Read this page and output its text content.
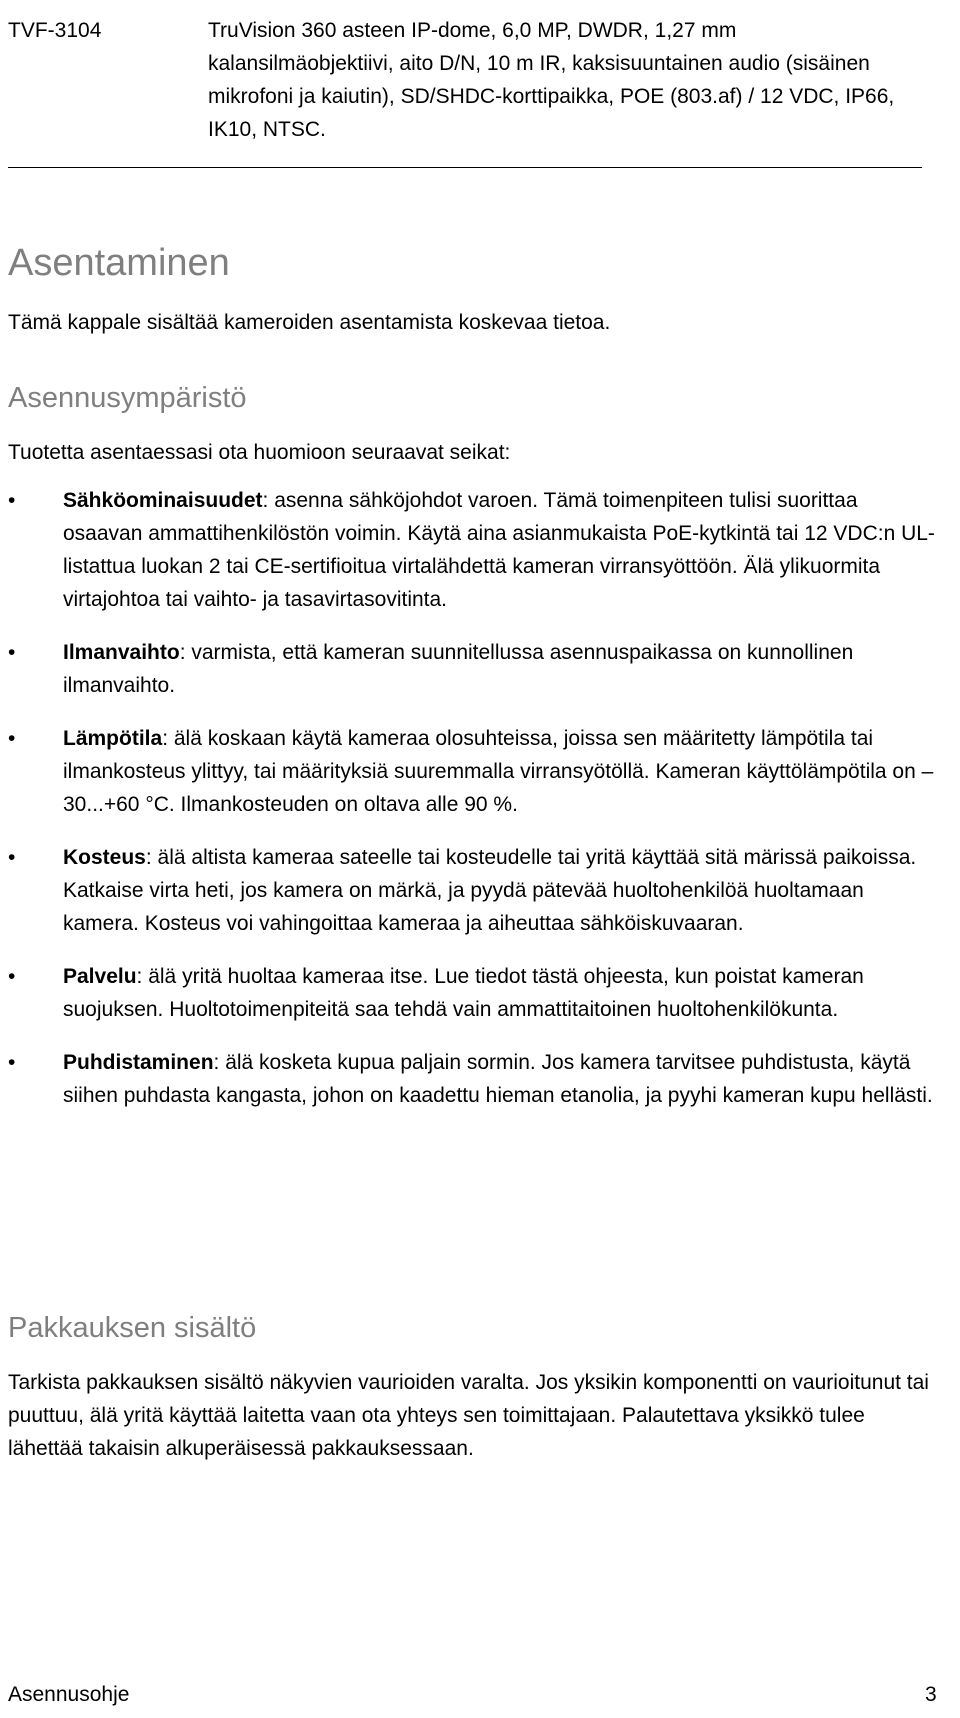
TVF-3104	TruVision 360 asteen IP-dome, 6,0 MP, DWDR, 1,27 mm kalansilmäobjektiivi, aito D/N, 10 m IR, kaksisuuntainen audio (sisäinen mikrofoni ja kaiutin), SD/SHDC-korttipaikka, POE (803.af) / 12 VDC, IP66, IK10, NTSC.
Asentaminen

Tämä kappale sisältää kameroiden asentamista koskevaa tietoa.

Asennusympäristö

Tuotetta asentaessasi ota huomioon seuraavat seikat:

•	Sähköominaisuudet: asenna sähköjohdot varoen. Tämä toimenpiteen tulisi suorittaa osaavan ammattihenkilöstön voimin. Käytä aina asianmukaista PoE-kytkintä tai 12 VDC:n UL-listattua luokan 2 tai CE-sertifioitua virtalähdettä kameran virransyöttöön. Älä ylikuormita virtajohtoa tai vaihto- ja tasavirtasovitinta.
•	Ilmanvaihto: varmista, että kameran suunnitellussa asennuspaikassa on kunnollinen ilmanvaihto.
•	Lämpötila: älä koskaan käytä kameraa olosuhteissa, joissa sen määritetty lämpötila tai ilmankosteus ylittyy, tai määrityksiä suuremmalla virransyötöllä. Kameran käyttölämpötila on –30...+60 °C. Ilmankosteuden on oltava alle 90 %.
•	Kosteus: älä altista kameraa sateelle tai kosteudelle tai yritä käyttää sitä märissä paikoissa. Katkaise virta heti, jos kamera on märkä, ja pyydä pätevää huoltohenkilöä huoltamaan kamera. Kosteus voi vahingoittaa kameraa ja aiheuttaa sähköiskuvaaran.
•	Palvelu: älä yritä huoltaa kameraa itse. Lue tiedot tästä ohjeesta, kun poistat kameran suojuksen. Huoltotoimenpiteitä saa tehdä vain ammattitaitoinen huoltohenkilökunta.
•	Puhdistaminen: älä kosketa kupua paljain sormin. Jos kamera tarvitsee puhdistusta, käytä siihen puhdasta kangasta, johon on kaadettu hieman etanolia, ja pyyhi kameran kupu hellästi.
Pakkauksen sisältö

Tarkista pakkauksen sisältö näkyvien vaurioiden varalta. Jos yksikin komponentti on vaurioitunut tai puuttuu, älä yritä käyttää laitetta vaan ota yhteys sen toimittajaan. Palautettava yksikkö tulee lähettää takaisin alkuperäisessä pakkauksessaan.

Asennusohje	3
